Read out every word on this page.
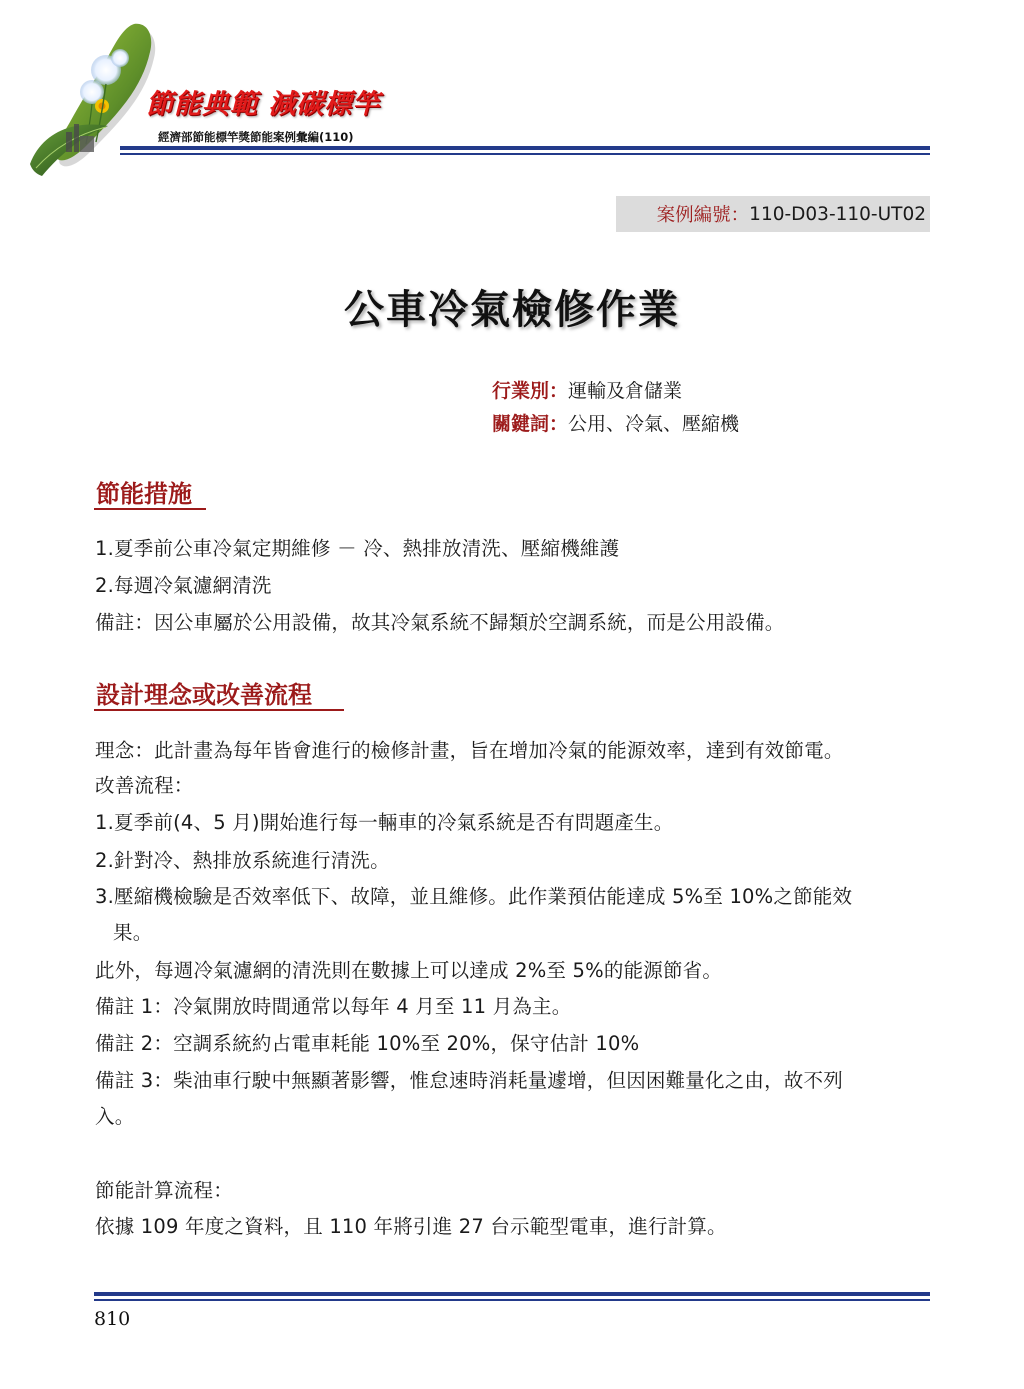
節能典範 減碳標竿
經濟部節能標竿獎節能案例彙編(110)
案例編號： 110-D03-110-UT02
公車冷氣檢修作業
行業別：運輸及倉儲業
關鍵詞：公用、冷氣、壓縮機
節能措施
1.夏季前公車冷氣定期維修 － 冷、熱排放清洗、壓縮機維護
2.每週冷氣濾網清洗
備註：因公車屬於公用設備，故其冷氣系統不歸類於空調系統，而是公用設備。
設計理念或改善流程
理念：此計畫為每年皆會進行的檢修計畫，旨在增加冷氣的能源效率，達到有效節電。
改善流程：
1.夏季前(4、5 月)開始進行每一輛車的冷氣系統是否有問題產生。
2.針對冷、熱排放系統進行清洗。
3.壓縮機檢驗是否效率低下、故障，並且維修。此作業預估能達成 5%至 10%之節能效
果。
此外，每週冷氣濾網的清洗則在數據上可以達成 2%至 5%的能源節省。
備註 1：冷氣開放時間通常以每年 4 月至 11 月為主。
備註 2：空調系統約占電車耗能 10%至 20%，保守估計 10%
備註 3：柴油車行駛中無顯著影響，惟怠速時消耗量遽增，但因困難量化之由，故不列
入。
節能計算流程：
依據 109 年度之資料，且 110 年將引進 27 台示範型電車，進行計算。
810
